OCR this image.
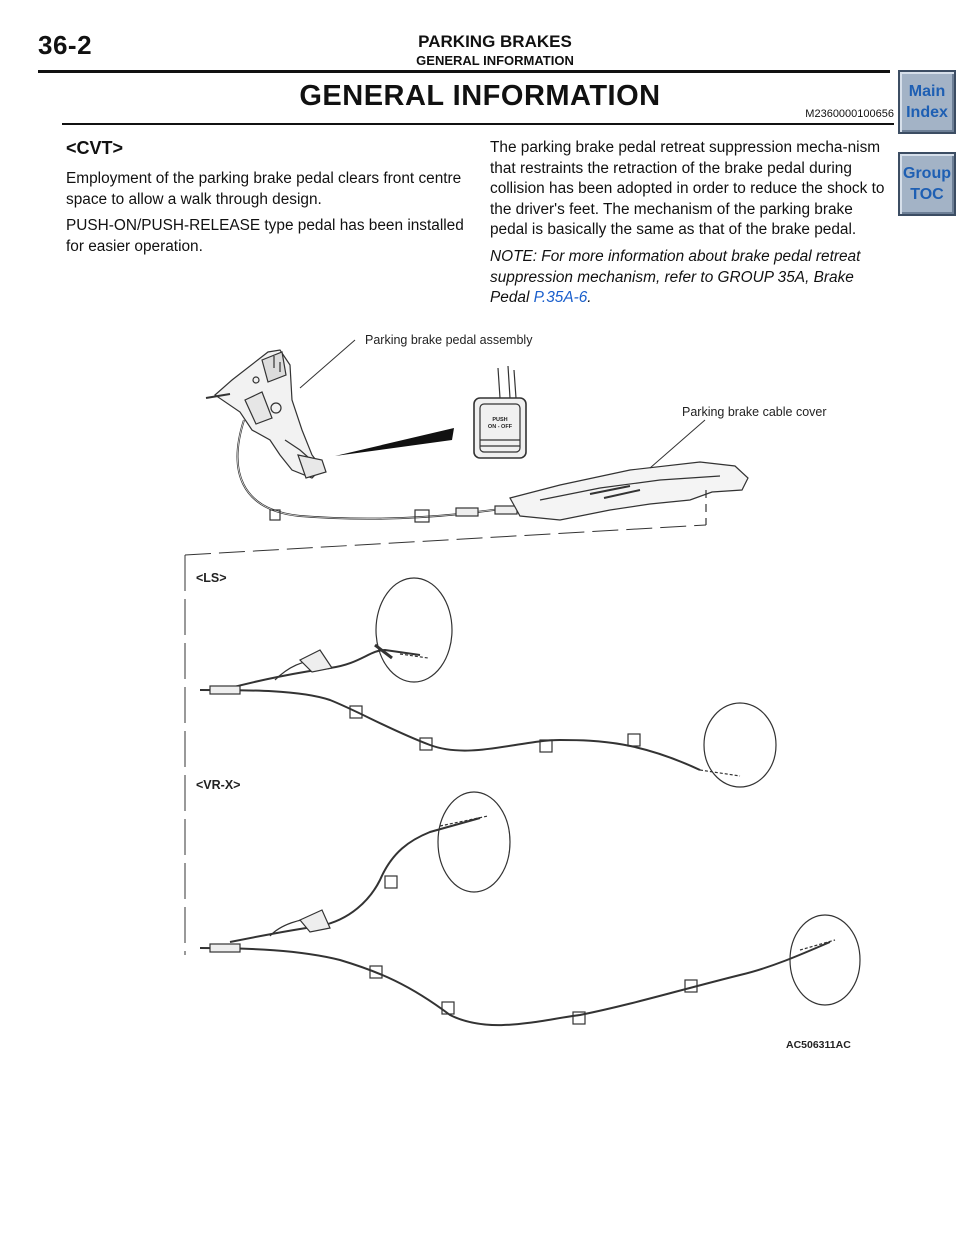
36-2	PARKING BRAKES
GENERAL INFORMATION
Main
Index
Group
TOC
GENERAL INFORMATION
M2360000100656
<CVT>

Employment of the parking brake pedal clears front centre space to allow a walk through design.

PUSH-ON/PUSH-RELEASE type pedal has been installed for easier operation.

The parking brake pedal retreat suppression mecha-nism that restraints the retraction of the brake pedal during collision has been adopted in order to reduce the shock to the driver's feet. The mechanism of the parking brake pedal is basically the same as that of the brake pedal.

NOTE: For more information about brake pedal retreat suppression mechanism, refer to GROUP 35A, Brake Pedal P.35A-6.

Parking brake pedal assembly
Parking brake cable cover
PUSH
ON - OFF
<LS>
<VR-X>
AC506311AC
